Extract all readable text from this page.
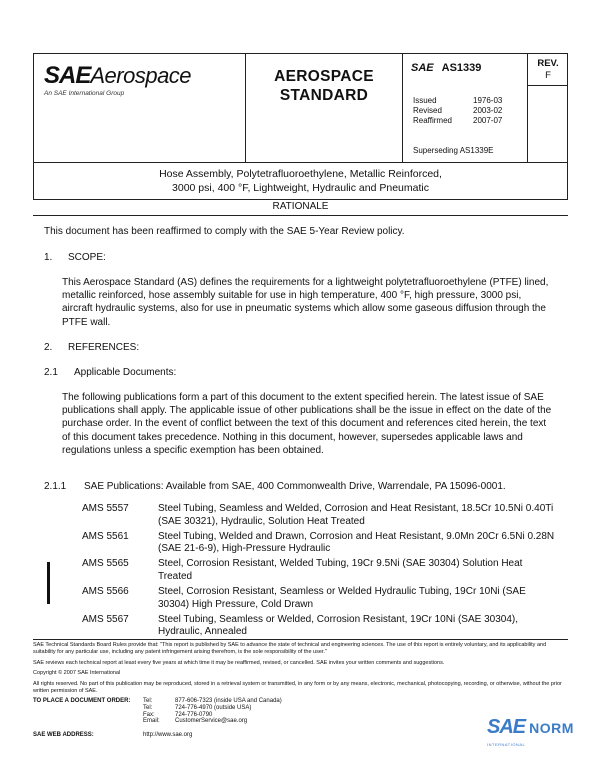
SAE Aerospace
An SAE International Group
AEROSPACE
STANDARD
SAE AS1339
Issued	1976-03
Revised	2003-02
Reaffirmed	2007-07
Superseding AS1339E
REV.
F
Hose Assembly, Polytetrafluoroethylene, Metallic Reinforced,
3000 psi, 400 °F, Lightweight, Hydraulic and Pneumatic
RATIONALE
This document has been reaffirmed to comply with the SAE 5-Year Review policy.
1. SCOPE:
This Aerospace Standard (AS) defines the requirements for a lightweight polytetrafluoroethylene (PTFE) lined, metallic reinforced, hose assembly suitable for use in high temperature, 400 °F, high pressure, 3000 psi, aircraft hydraulic systems, also for use in pneumatic systems which allow some gaseous diffusion through the PTFE wall.
2. REFERENCES:
2.1 Applicable Documents:
The following publications form a part of this document to the extent specified herein. The latest issue of SAE publications shall apply. The applicable issue of other publications shall be the issue in effect on the date of the purchase order. In the event of conflict between the text of this document and references cited herein, the text of this document takes precedence. Nothing in this document, however, supersedes applicable laws and regulations unless a specific exemption has been obtained.
2.1.1 SAE Publications: Available from SAE, 400 Commonwealth Drive, Warrendale, PA 15096-0001.
AMS 5557	Steel Tubing, Seamless and Welded, Corrosion and Heat Resistant, 18.5Cr 10.5Ni 0.40Ti (SAE 30321), Hydraulic, Solution Heat Treated
AMS 5561	Steel Tubing, Welded and Drawn, Corrosion and Heat Resistant, 9.0Mn 20Cr 6.5Ni 0.28N (SAE 21-6-9), High-Pressure Hydraulic
AMS 5565	Steel, Corrosion Resistant, Welded Tubing, 19Cr 9.5Ni (SAE 30304) Solution Heat Treated
AMS 5566	Steel, Corrosion Resistant, Seamless or Welded Hydraulic Tubing, 19Cr 10Ni (SAE 30304) High Pressure, Cold Drawn
AMS 5567	Steel Tubing, Seamless or Welded, Corrosion Resistant, 19Cr 10Ni (SAE 30304), Hydraulic, Annealed

SAE Technical Standards Board Rules provide that: "This report is published by SAE to advance the state of technical and engineering sciences. The use of this report is entirely voluntary, and its applicability and suitability for any particular use, including any patent infringement arising therefrom, is the sole responsibility of the user."

SAE reviews each technical report at least every five years at which time it may be reaffirmed, revised, or cancelled. SAE invites your written comments and suggestions.

Copyright © 2007 SAE International

All rights reserved. No part of this publication may be reproduced, stored in a retrieval system or transmitted, in any form or by any means, electronic, mechanical, photocopying, recording, or otherwise, without the prior written permission of SAE.

TO PLACE A DOCUMENT ORDER:	Tel:	877-606-7323 (inside USA and Canada)
Tel:	724-776-4970 (outside USA)
Fax:	724-776-0790
Email:	CustomerService@sae.org
SAE WEB ADDRESS:	http://www.sae.org	SAE NORM
INTERNATIONAL
